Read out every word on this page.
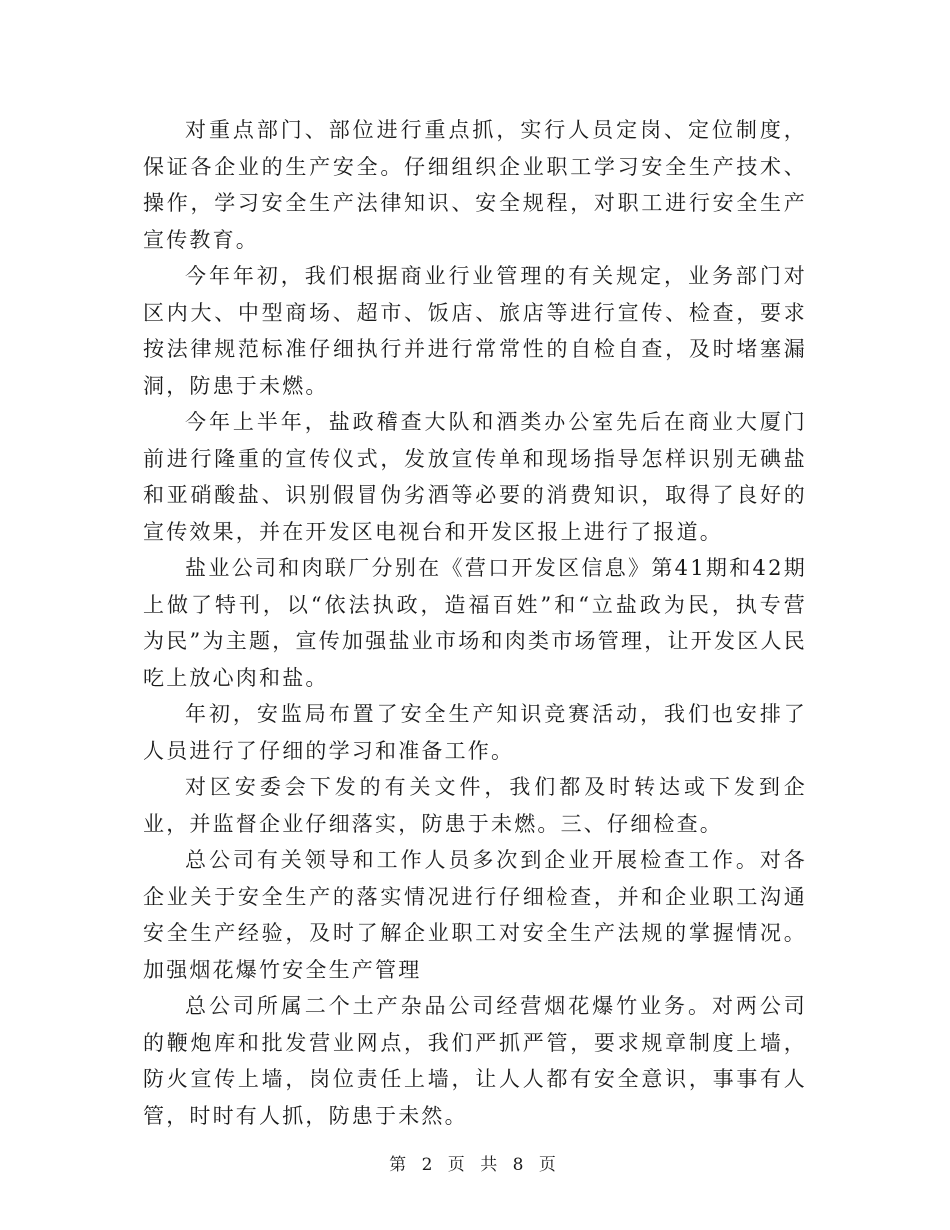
对重点部门、部位进行重点抓，实行人员定岗、定位制度，保证各企业的生产安全。仔细组织企业职工学习安全生产技术、操作，学习安全生产法律知识、安全规程，对职工进行安全生产宣传教育。

今年年初，我们根据商业行业管理的有关规定，业务部门对区内大、中型商场、超市、饭店、旅店等进行宣传、检查，要求按法律规范标准仔细执行并进行常常性的自检自查，及时堵塞漏洞，防患于未燃。

今年上半年，盐政稽查大队和酒类办公室先后在商业大厦门前进行隆重的宣传仪式，发放宣传单和现场指导怎样识别无碘盐和亚硝酸盐、识别假冒伪劣酒等必要的消费知识，取得了良好的宣传效果，并在开发区电视台和开发区报上进行了报道。

盐业公司和肉联厂分别在《营口开发区信息》第41期和42期上做了特刊，以“依法执政，造福百姓”和“立盐政为民，执专营为民”为主题，宣传加强盐业市场和肉类市场管理，让开发区人民吃上放心肉和盐。

年初，安监局布置了安全生产知识竞赛活动，我们也安排了人员进行了仔细的学习和准备工作。

对区安委会下发的有关文件，我们都及时转达或下发到企业，并监督企业仔细落实，防患于未燃。三、仔细检查。

总公司有关领导和工作人员多次到企业开展检查工作。对各企业关于安全生产的落实情况进行仔细检查，并和企业职工沟通安全生产经验，及时了解企业职工对安全生产法规的掌握情况。 加强烟花爆竹安全生产管理

总公司所属二个土产杂品公司经营烟花爆竹业务。对两公司的鞭炮库和批发营业网点，我们严抓严管，要求规章制度上墙，防火宣传上墙，岗位责任上墙，让人人都有安全意识，事事有人管，时时有人抓，防患于未然。

第 2 页 共 8 页
